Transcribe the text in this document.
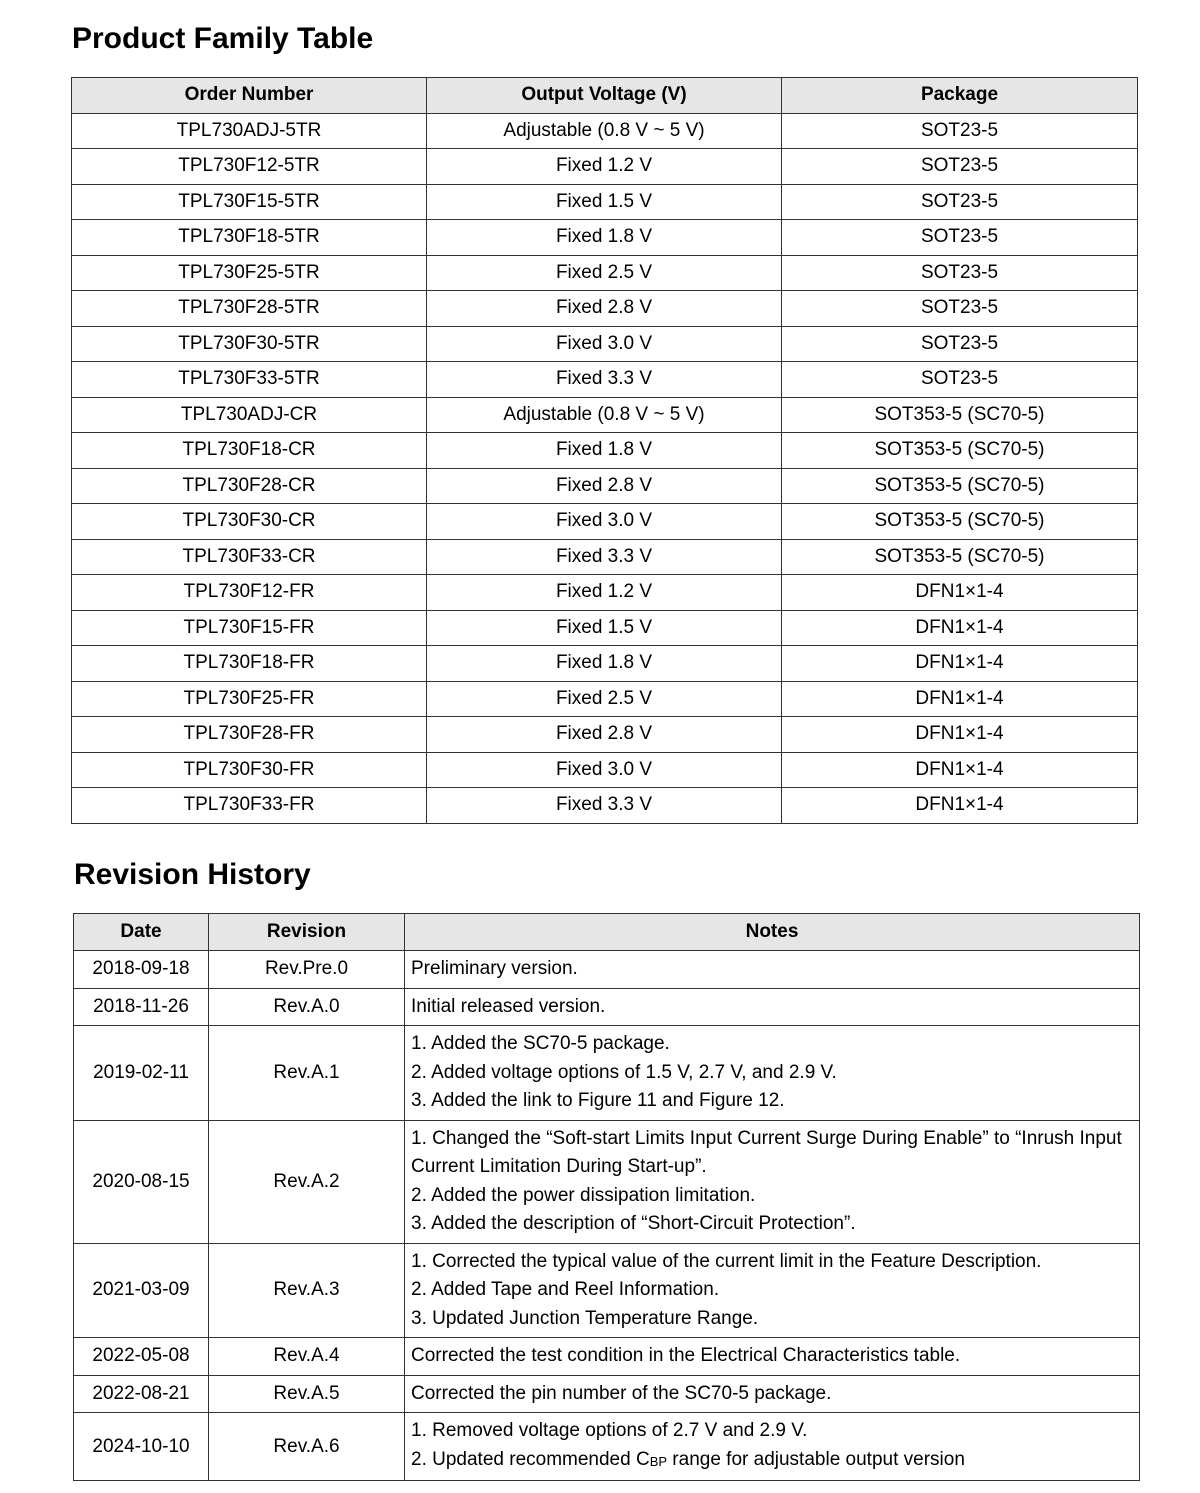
Product Family Table
Order Number	Output Voltage (V)	Package
TPL730ADJ-5TR	Adjustable (0.8 V ~ 5 V)	SOT23-5
TPL730F12-5TR	Fixed 1.2 V	SOT23-5
TPL730F15-5TR	Fixed 1.5 V	SOT23-5
TPL730F18-5TR	Fixed 1.8 V	SOT23-5
TPL730F25-5TR	Fixed 2.5 V	SOT23-5
TPL730F28-5TR	Fixed 2.8 V	SOT23-5
TPL730F30-5TR	Fixed 3.0 V	SOT23-5
TPL730F33-5TR	Fixed 3.3 V	SOT23-5
TPL730ADJ-CR	Adjustable (0.8 V ~ 5 V)	SOT353-5 (SC70-5)
TPL730F18-CR	Fixed 1.8 V	SOT353-5 (SC70-5)
TPL730F28-CR	Fixed 2.8 V	SOT353-5 (SC70-5)
TPL730F30-CR	Fixed 3.0 V	SOT353-5 (SC70-5)
TPL730F33-CR	Fixed 3.3 V	SOT353-5 (SC70-5)
TPL730F12-FR	Fixed 1.2 V	DFN1×1-4
TPL730F15-FR	Fixed 1.5 V	DFN1×1-4
TPL730F18-FR	Fixed 1.8 V	DFN1×1-4
TPL730F25-FR	Fixed 2.5 V	DFN1×1-4
TPL730F28-FR	Fixed 2.8 V	DFN1×1-4
TPL730F30-FR	Fixed 3.0 V	DFN1×1-4
TPL730F33-FR	Fixed 3.3 V	DFN1×1-4
Revision History
Date	Revision	Notes
2018-09-18	Rev.Pre.0	Preliminary version.

2018-11-26	Rev.A.0	Initial released version.

2019-02-11	Rev.A.1	1. Added the SC70-5 package.
2. Added voltage options of 1.5 V, 2.7 V, and 2.9 V.
3. Added the link to Figure 11 and Figure 12.

2020-08-15	Rev.A.2	1. Changed the “Soft-start Limits Input Current Surge During Enable” to “Inrush Input Current Limitation During Start-up”.
2. Added the power dissipation limitation.
3. Added the description of “Short-Circuit Protection”.

2021-03-09	Rev.A.3	1. Corrected the typical value of the current limit in the Feature Description.
2. Added Tape and Reel Information.
3. Updated Junction Temperature Range.

2022-05-08	Rev.A.4	Corrected the test condition in the Electrical Characteristics table.

2022-08-21	Rev.A.5	Corrected the pin number of the SC70-5 package.

2024-10-10	Rev.A.6	1. Removed voltage options of 2.7 V and 2.9 V.
2. Updated recommended $C_{BP}$ range for adjustable output version
